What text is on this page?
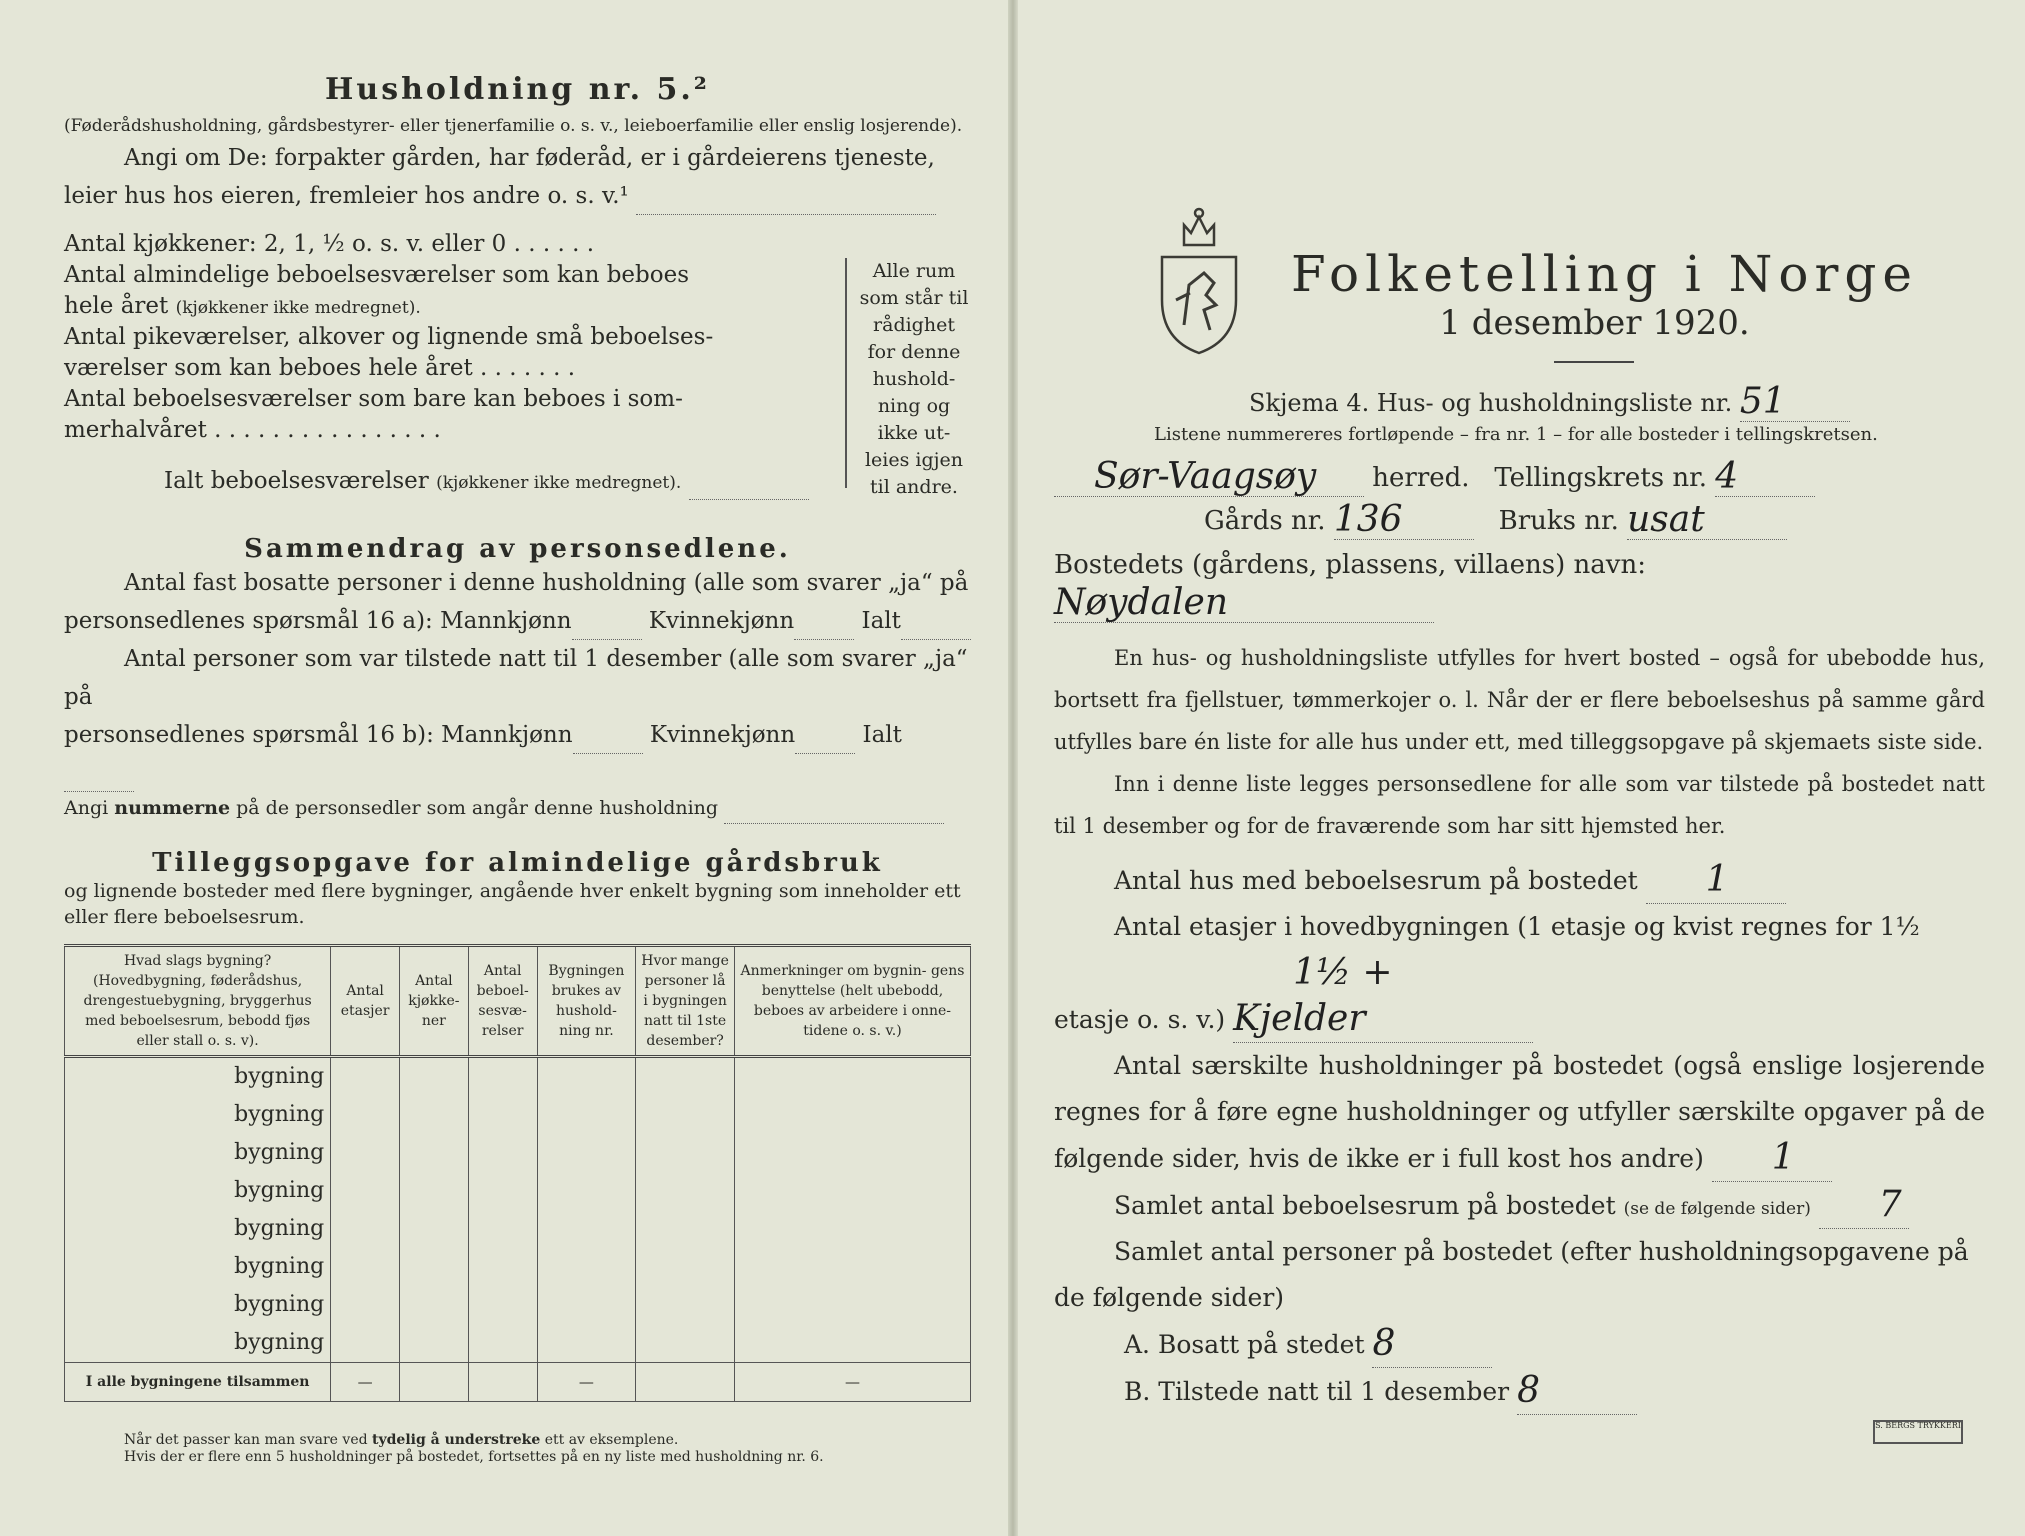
Husholdning nr. 5.²
(Føderådshusholdning, gårdsbestyrer- eller tjenerfamilie o. s. v., leieboerfamilie eller enslig losjerende).
Angi om De: forpakter gården, har føderåd, er i gårdeierens tjeneste,
leier hus hos eieren, fremleier hos andre o. s. v.¹
Antal kjøkkener: 2, 1, ½ o. s. v. eller 0 . . . . . .
Antal almindelige beboelsesværelser som kan beboes
hele året (kjøkkener ikke medregnet).
Antal pikeværelser, alkover og lignende små beboelses-
værelser som kan beboes hele året . . . . . . .
Antal beboelsesværelser som bare kan beboes i som-
merhalvåret . . . . . . . . . . . . . . . .
Ialt beboelsesværelser (kjøkkener ikke medregnet).
Alle rum som står til rådighet for denne hushold- ning og ikke ut- leies igjen til andre.
Sammendrag av personsedlene.
Antal fast bosatte personer i denne husholdning (alle som svarer „ja“ på
personsedlenes spørsmål 16 a): Mannkjønn	Kvinnekjønn	Ialt
Antal personer som var tilstede natt til 1 desember (alle som svarer „ja“ på
personsedlenes spørsmål 16 b): Mannkjønn	Kvinnekjønn	Ialt
Angi nummerne på de personsedler som angår denne husholdning
Tilleggsopgave for almindelige gårdsbruk
og lignende bosteder med flere bygninger, angående hver enkelt bygning som inneholder ett eller flere beboelsesrum.
Hvad slags bygning? (Hovedbygning, føderådshus, drengestuebygning, bryggerhus med beboelsesrum, bebodd fjøs eller stall o. s. v).	Antal etasjer	Antal kjøkke- ner	Antal beboel- sesvæ- relser	Bygningen brukes av hushold- ning nr.	Hvor mange personer lå i bygningen natt til 1ste desember?	Anmerkninger om bygnin- gens benyttelse (helt ubebodd, beboes av arbeidere i onne- tidene o. s. v.)
bygning						
bygning						
bygning						
bygning						
bygning						
bygning						
bygning						
bygning						
I alle bygningene tilsammen	—			—		—
Når det passer kan man svare ved tydelig å understreke ett av eksemplene.
Hvis der er flere enn 5 husholdninger på bostedet, fortsettes på en ny liste med husholdning nr. 6.
Folketelling i Norge
1 desember 1920.
Skjema 4. Hus- og husholdningsliste nr. 51
Listene nummereres fortløpende – fra nr. 1 – for alle bosteder i tellingskretsen.
Sør-Vaagsøy herred. Tellingskrets nr. 4
Gårds nr. 136	Bruks nr. usat
Bostedets (gårdens, plassens, villaens) navn: Nøydalen
En hus- og husholdningsliste utfylles for hvert bosted – også for ubebodde hus, bortsett fra fjellstuer, tømmerkojer o. l. Når der er flere beboelseshus på samme gård utfylles bare én liste for alle hus under ett, med tilleggsopgave på skjemaets siste side.
Inn i denne liste legges personsedlene for alle som var tilstede på bostedet natt til 1 desember og for de fraværende som har sitt hjemsted her.
Antal hus med beboelsesrum på bostedet 1
Antal etasjer i hovedbygningen (1 etasje og kvist regnes for 1½ etasje o. s. v.) 1½ + Kjelder
Antal særskilte husholdninger på bostedet (også enslige losjerende regnes for å føre egne husholdninger og utfyller særskilte opgaver på de følgende sider, hvis de ikke er i full kost hos andre) 1
Samlet antal beboelsesrum på bostedet (se de følgende sider) 7
Samlet antal personer på bostedet (efter husholdningsopgavene på de følgende sider)
A. Bosatt på stedet 8
B. Tilstede natt til 1 desember 8
S. BERGS TRYKKERI
